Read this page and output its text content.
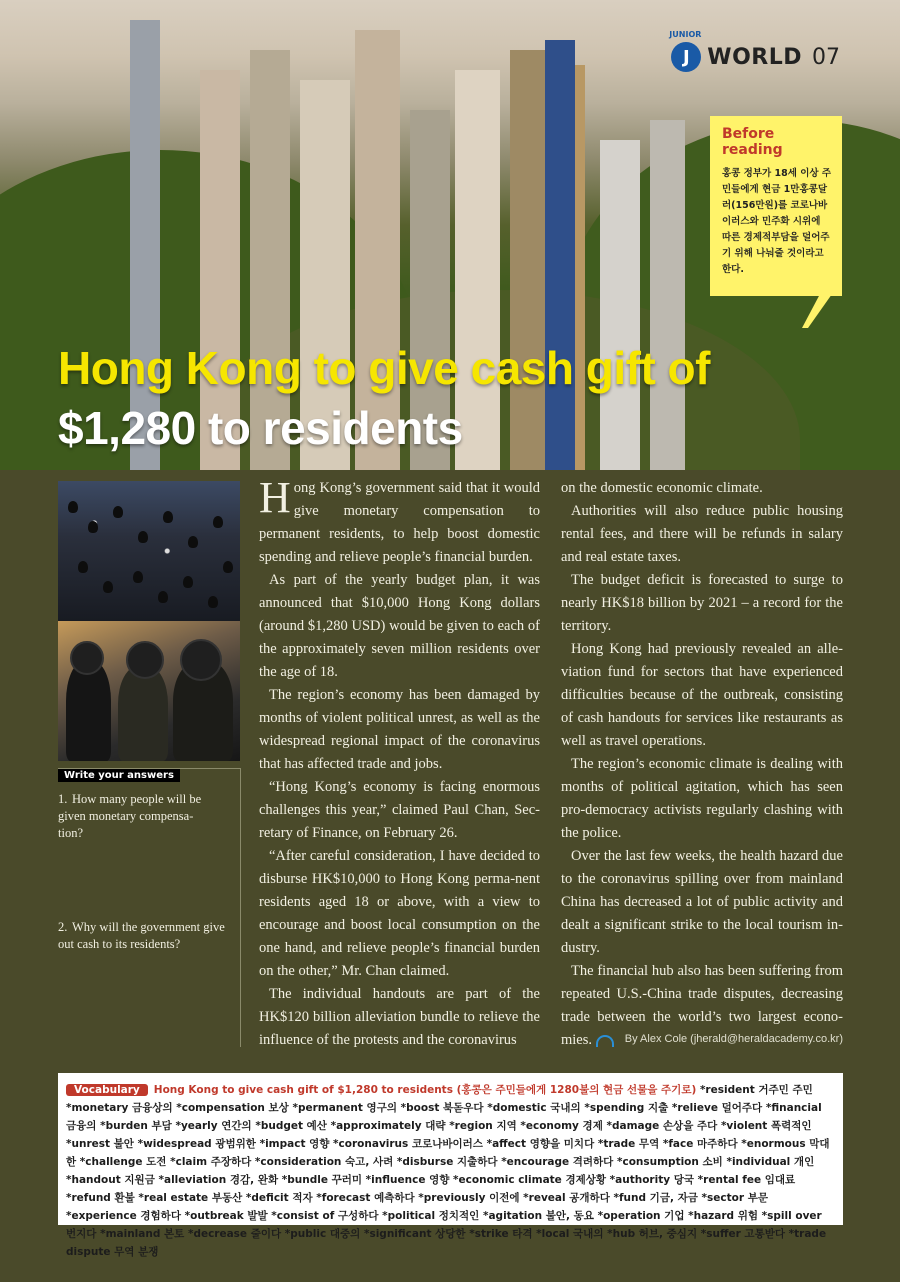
JUNIOR
J WORLD 07
Before reading
홍콩 정부가 18세 이상 주민들에게 현금 1만홍콩달러(156만원)를 코로나바이러스와 민주화 시위에 따른 경제적부담을 덜어주기 위해 나눠줄 것이라고 한다.
Hong Kong to give cash gift of
$1,280 to residents
Write your answers
1. How many people will be given monetary compensa-tion?
2. Why will the government give out cash to its residents?

Hong Kong’s government said that it would give monetary compensation to permanent residents, to help boost domestic spending and relieve people’s financial burden.

As part of the yearly budget plan, it was announced that $10,000 Hong Kong dollars (around $1,280 USD) would be given to each of the approximately seven million residents over the age of 18.

The region’s economy has been damaged by months of violent political unrest, as well as the widespread regional impact of the coronavirus that has affected trade and jobs.

“Hong Kong’s economy is facing enormous challenges this year,” claimed Paul Chan, Sec-retary of Finance, on February 26.

“After careful consideration, I have decided to disburse HK$10,000 to Hong Kong perma-nent residents aged 18 or above, with a view to encourage and boost local consumption on the one hand, and relieve people’s financial burden on the other,” Mr. Chan claimed.

The individual handouts are part of the HK$120 billion alleviation bundle to relieve the influence of the protests and the coronavirus

on the domestic economic climate.

Authorities will also reduce public housing rental fees, and there will be refunds in salary and real estate taxes.

The budget deficit is forecasted to surge to nearly HK$18 billion by 2021 – a record for the territory.

Hong Kong had previously revealed an alle-viation fund for sectors that have experienced difficulties because of the outbreak, consisting of cash handouts for services like restaurants as well as travel operations.

The region’s economic climate is dealing with months of political agitation, which has seen pro-democracy activists regularly clashing with the police.

Over the last few weeks, the health hazard due to the coronavirus spilling over from mainland China has decreased a lot of public activity and dealt a significant strike to the local tourism in-dustry.

The financial hub also has been suffering from repeated U.S.-China trade disputes, decreasing trade between the world’s two largest econo-mies.	By Alex Cole (jherald@heraldacademy.co.kr)

Vocabulary Hong Kong to give cash gift of $1,280 to residents (홍콩은 주민들에게 1280불의 현금 선물을 주기로) *resident 거주민 주민 *monetary 금융상의 *compensation 보상 *permanent 영구의 *boost 북돋우다 *domestic 국내의 *spending 지출 *relieve 덜어주다 *financial 금융의 *burden 부담 *yearly 연간의 *budget 예산 *approximately 대략 *region 지역 *economy 경제 *damage 손상을 주다 *violent 폭력적인 *unrest 불안 *widespread 광범위한 *impact 영향 *coronavirus 코로나바이러스 *affect 영향을 미치다 *trade 무역 *face 마주하다 *enormous 막대한 *challenge 도전 *claim 주장하다 *consideration 숙고, 사려 *disburse 지출하다 *encourage 격려하다 *consumption 소비 *individual 개인 *handout 지원금 *alleviation 경감, 완화 *bundle 꾸러미 *influence 영향 *economic climate 경제상황 *authority 당국 *rental fee 임대료 *refund 환불 *real estate 부동산 *deficit 적자 *forecast 예측하다 *previously 이전에 *reveal 공개하다 *fund 기금, 자금 *sector 부문 *experience 경험하다 *outbreak 발발 *consist of 구성하다 *political 정치적인 *agitation 불안, 동요 *operation 기업 *hazard 위험 *spill over 번지다 *mainland 본토 *decrease 줄이다 *public 대중의 *significant 상당한 *strike 타격 *local 국내의 *hub 허브, 중심지 *suffer 고통받다 *trade dispute 무역 분쟁
